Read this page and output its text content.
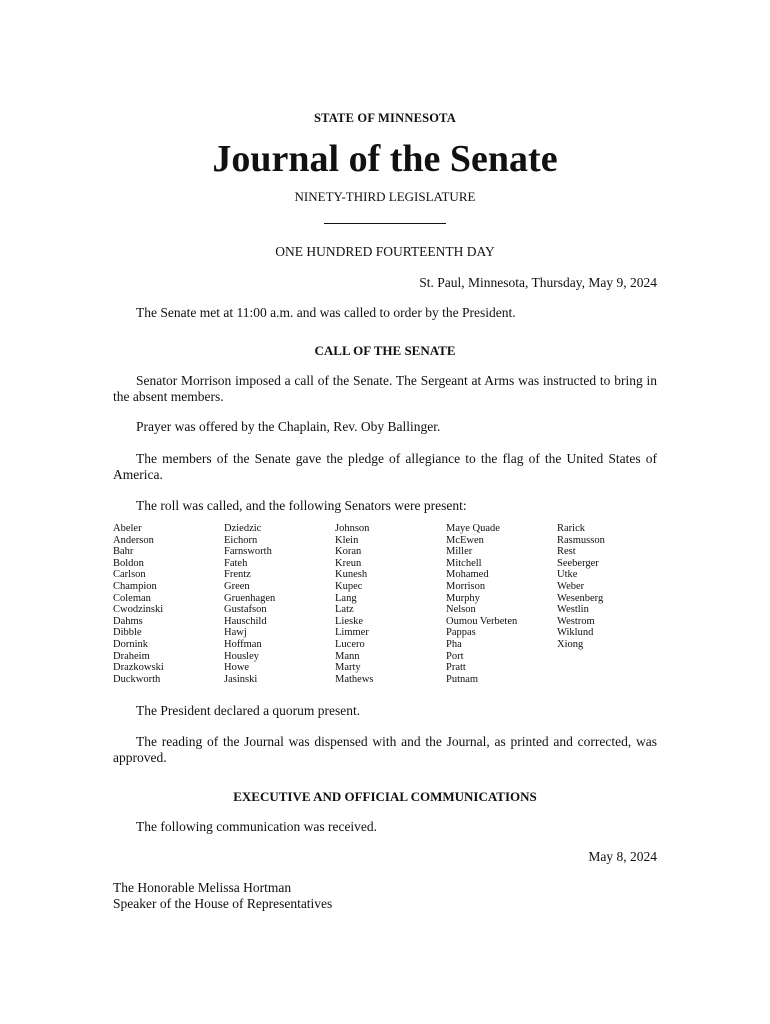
STATE OF MINNESOTA
Journal of the Senate
NINETY-THIRD LEGISLATURE
ONE HUNDRED FOURTEENTH DAY
St. Paul, Minnesota, Thursday, May 9, 2024
The Senate met at 11:00 a.m. and was called to order by the President.
CALL OF THE SENATE
Senator Morrison imposed a call of the Senate. The Sergeant at Arms was instructed to bring in the absent members.
Prayer was offered by the Chaplain, Rev. Oby Ballinger.
The members of the Senate gave the pledge of allegiance to the flag of the United States of America.
The roll was called, and the following Senators were present:
Abeler
Anderson
Bahr
Boldon
Carlson
Champion
Coleman
Cwodzinski
Dahms
Dibble
Dornink
Draheim
Drazkowski
Duckworth
Dziedzic
Eichorn
Farnsworth
Fateh
Frentz
Green
Gruenhagen
Gustafson
Hauschild
Hawj
Hoffman
Housley
Howe
Jasinski
Johnson
Klein
Koran
Kreun
Kunesh
Kupec
Lang
Latz
Lieske
Limmer
Lucero
Mann
Marty
Mathews
Maye Quade
McEwen
Miller
Mitchell
Mohamed
Morrison
Murphy
Nelson
Oumou Verbeten
Pappas
Pha
Port
Pratt
Putnam
Rarick
Rasmusson
Rest
Seeberger
Utke
Weber
Wesenberg
Westlin
Westrom
Wiklund
Xiong
The President declared a quorum present.
The reading of the Journal was dispensed with and the Journal, as printed and corrected, was approved.
EXECUTIVE AND OFFICIAL COMMUNICATIONS
The following communication was received.
May 8, 2024
The Honorable Melissa Hortman
Speaker of the House of Representatives
